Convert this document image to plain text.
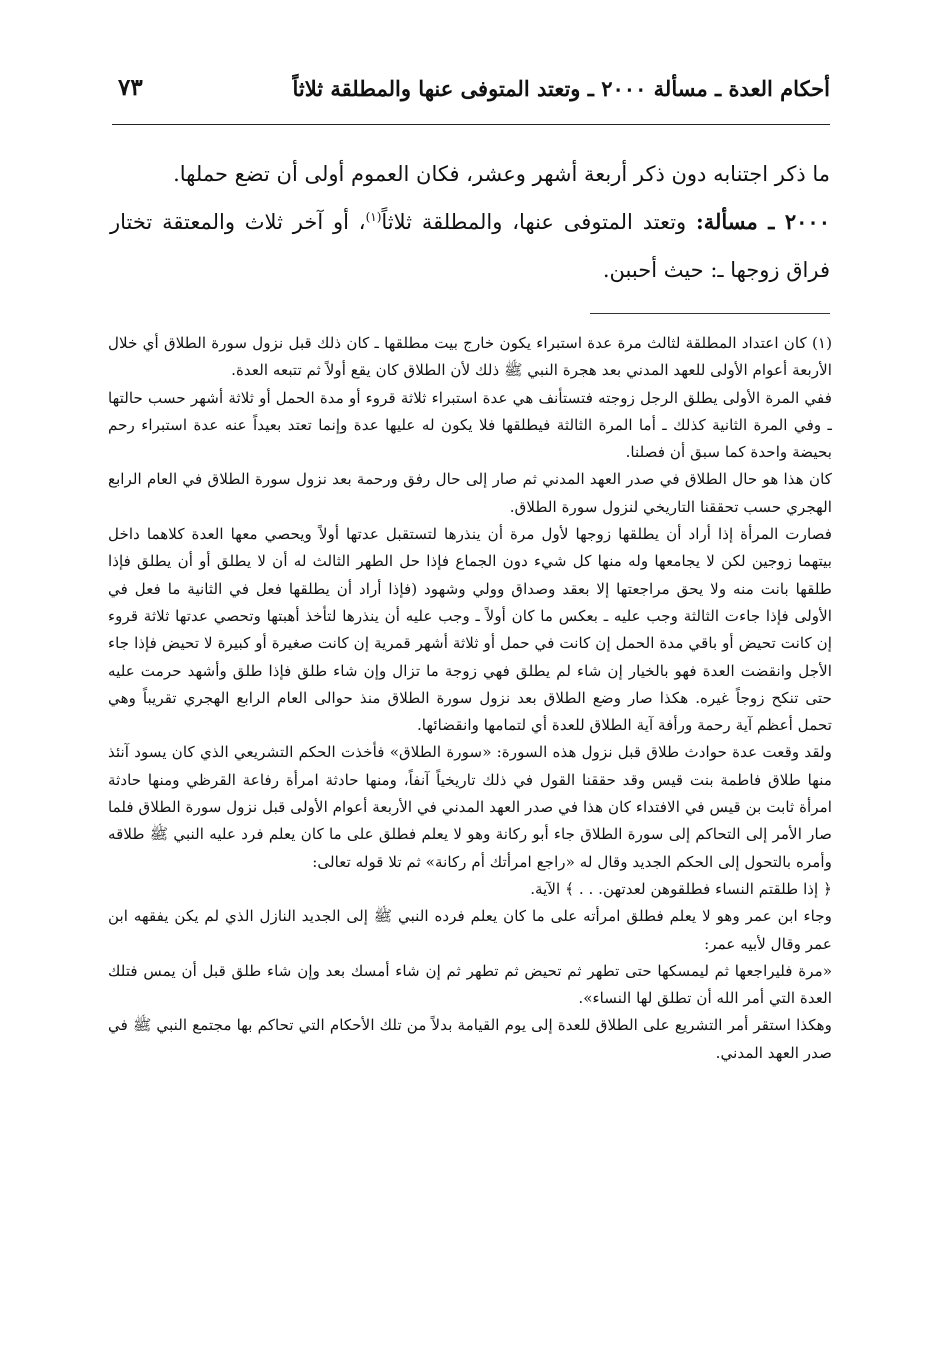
أحكام العدة ـ مسألة ٢٠٠٠ ـ وتعتد المتوفى عنها والمطلقة ثلاثاً
٧٣

ما ذكر اجتنابه دون ذكر أربعة أشهر وعشر، فكان العموم أولى أن تضع حملها.

٢٠٠٠ ـ مسألة: وتعتد المتوفى عنها، والمطلقة ثلاثاً$^{(١)}$، أو آخر ثلاث والمعتقة تختار فراق زوجها ـ: حيث أحببن.

(١) كان اعتداد المطلقة لثالث مرة عدة استبراء يكون خارج بيت مطلقها ـ كان ذلك قبل نزول سورة الطلاق أي خلال الأربعة أعوام الأولى للعهد المدني بعد هجرة النبي ﷺ ذلك لأن الطلاق كان يقع أولاً ثم تتبعه العدة.

ففي المرة الأولى يطلق الرجل زوجته فتستأنف هي عدة استبراء ثلاثة قروء أو مدة الحمل أو ثلاثة أشهر حسب حالتها ـ وفي المرة الثانية كذلك ـ أما المرة الثالثة فيطلقها فلا يكون له عليها عدة وإنما تعتد بعيداً عنه عدة استبراء رحم بحيضة واحدة كما سبق أن فصلنا.

كان هذا هو حال الطلاق في صدر العهد المدني ثم صار إلى حال رفق ورحمة بعد نزول سورة الطلاق في العام الرابع الهجري حسب تحققنا التاريخي لنزول سورة الطلاق.

فصارت المرأة إذا أراد أن يطلقها زوجها لأول مرة أن ينذرها لتستقبل عدتها أولاً ويحصي معها العدة كلاهما داخل بيتهما زوجين لكن لا يجامعها وله منها كل شيء دون الجماع فإذا حل الطهر الثالث له أن لا يطلق أو أن يطلق فإذا طلقها بانت منه ولا يحق مراجعتها إلا بعقد وصداق وولي وشهود (فإذا أراد أن يطلقها فعل في الثانية ما فعل في الأولى فإذا جاءت الثالثة وجب عليه ـ بعكس ما كان أولاً ـ وجب عليه أن ينذرها لتأخذ أهبتها وتحصي عدتها ثلاثة قروء إن كانت تحيض أو باقي مدة الحمل إن كانت في حمل أو ثلاثة أشهر قمرية إن كانت صغيرة أو كبيرة لا تحيض فإذا جاء الأجل وانقضت العدة فهو بالخيار إن شاء لم يطلق فهي زوجة ما تزال وإن شاء طلق فإذا طلق وأشهد حرمت عليه حتى تنكح زوجاً غيره. هكذا صار وضع الطلاق بعد نزول سورة الطلاق منذ حوالى العام الرابع الهجري تقريباً وهي تحمل أعظم آية رحمة ورأفة آية الطلاق للعدة أي لتمامها وانقضائها.

ولقد وقعت عدة حوادث طلاق قبل نزول هذه السورة: «سورة الطلاق» فأخذت الحكم التشريعي الذي كان يسود آنئذ منها طلاق فاطمة بنت قيس وقد حققنا القول في ذلك تاريخياً آنفاً، ومنها حادثة امرأة رفاعة القرظي ومنها حادثة امرأة ثابت بن قيس في الافتداء كان هذا في صدر العهد المدني في الأربعة أعوام الأولى قبل نزول سورة الطلاق فلما صار الأمر إلى التحاكم إلى سورة الطلاق جاء أبو ركانة وهو لا يعلم فطلق على ما كان يعلم فرد عليه النبي ﷺ طلاقه وأمره بالتحول إلى الحكم الجديد وقال له «راجع امرأتك أم ركانة» ثم تلا قوله تعالى:

﴿ إذا طلقتم النساء فطلقوهن لعدتهن. . . ﴾ الآية.

وجاء ابن عمر وهو لا يعلم فطلق امرأته على ما كان يعلم فرده النبي ﷺ إلى الجديد النازل الذي لم يكن يفقهه ابن عمر وقال لأبيه عمر:

«مرة فليراجعها ثم ليمسكها حتى تطهر ثم تحيض ثم تطهر ثم إن شاء أمسك بعد وإن شاء طلق قبل أن يمس فتلك العدة التي أمر الله أن تطلق لها النساء».

وهكذا استقر أمر التشريع على الطلاق للعدة إلى يوم القيامة بدلاً من تلك الأحكام التي تحاكم بها مجتمع النبي ﷺ في صدر العهد المدني.
